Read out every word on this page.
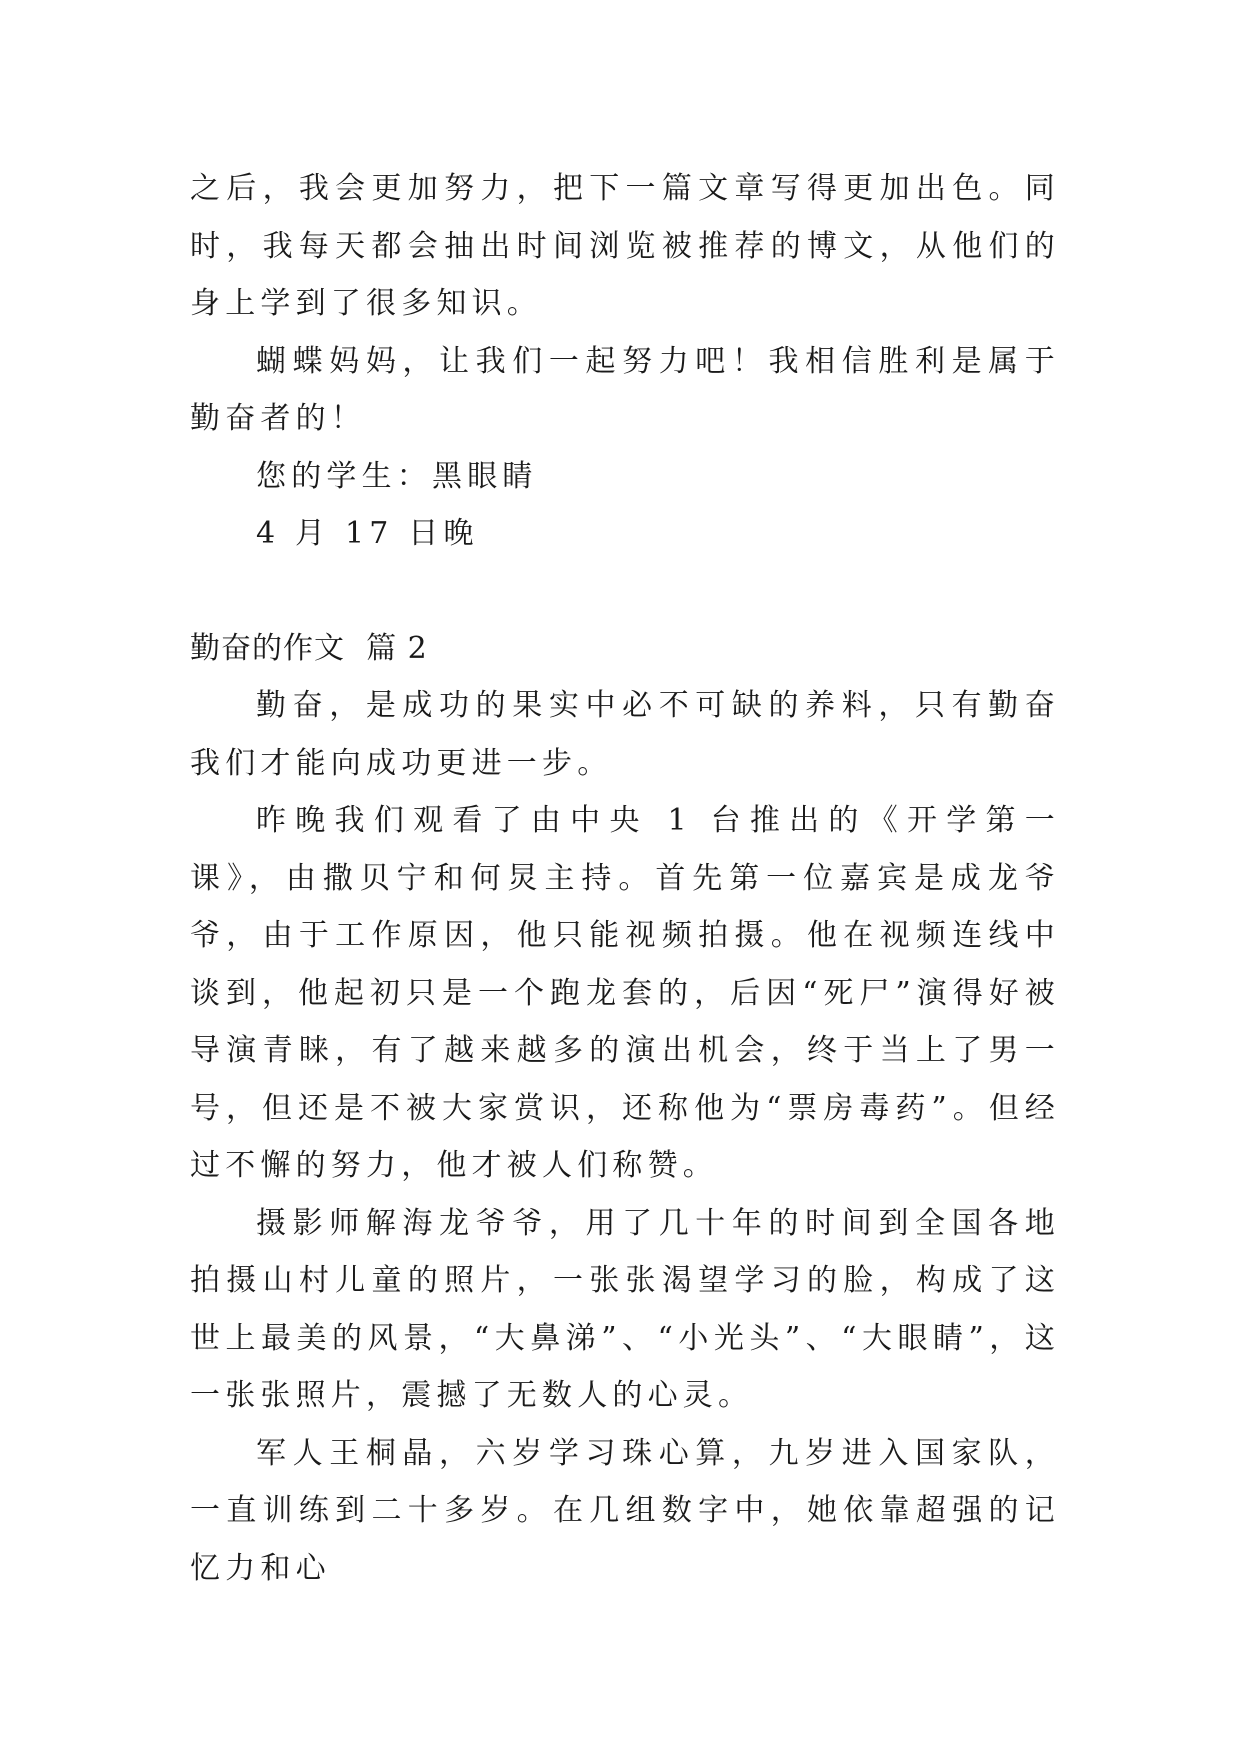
之后，我会更加努力，把下一篇文章写得更加出色。同时，我每天都会抽出时间浏览被推荐的博文，从他们的身上学到了很多知识。

蝴蝶妈妈，让我们一起努力吧！我相信胜利是属于勤奋者的！

您的学生：黑眼睛

4 月 17 日晚

勤奋的作文  篇 2

勤奋，是成功的果实中必不可缺的养料，只有勤奋我们才能向成功更进一步。

昨晚我们观看了由中央 1 台推出的《开学第一课》，由撒贝宁和何炅主持。首先第一位嘉宾是成龙爷爷，由于工作原因，他只能视频拍摄。他在视频连线中谈到，他起初只是一个跑龙套的，后因“死尸”演得好被导演青睐，有了越来越多的演出机会，终于当上了男一号，但还是不被大家赏识，还称他为“票房毒药”。但经过不懈的努力，他才被人们称赞。

摄影师解海龙爷爷，用了几十年的时间到全国各地拍摄山村儿童的照片，一张张渴望学习的脸，构成了这世上最美的风景，“大鼻涕”、“小光头”、“大眼睛”，这一张张照片，震撼了无数人的心灵。

军人王桐晶，六岁学习珠心算，九岁进入国家队，一直训练到二十多岁。在几组数字中，她依靠超强的记忆力和心
